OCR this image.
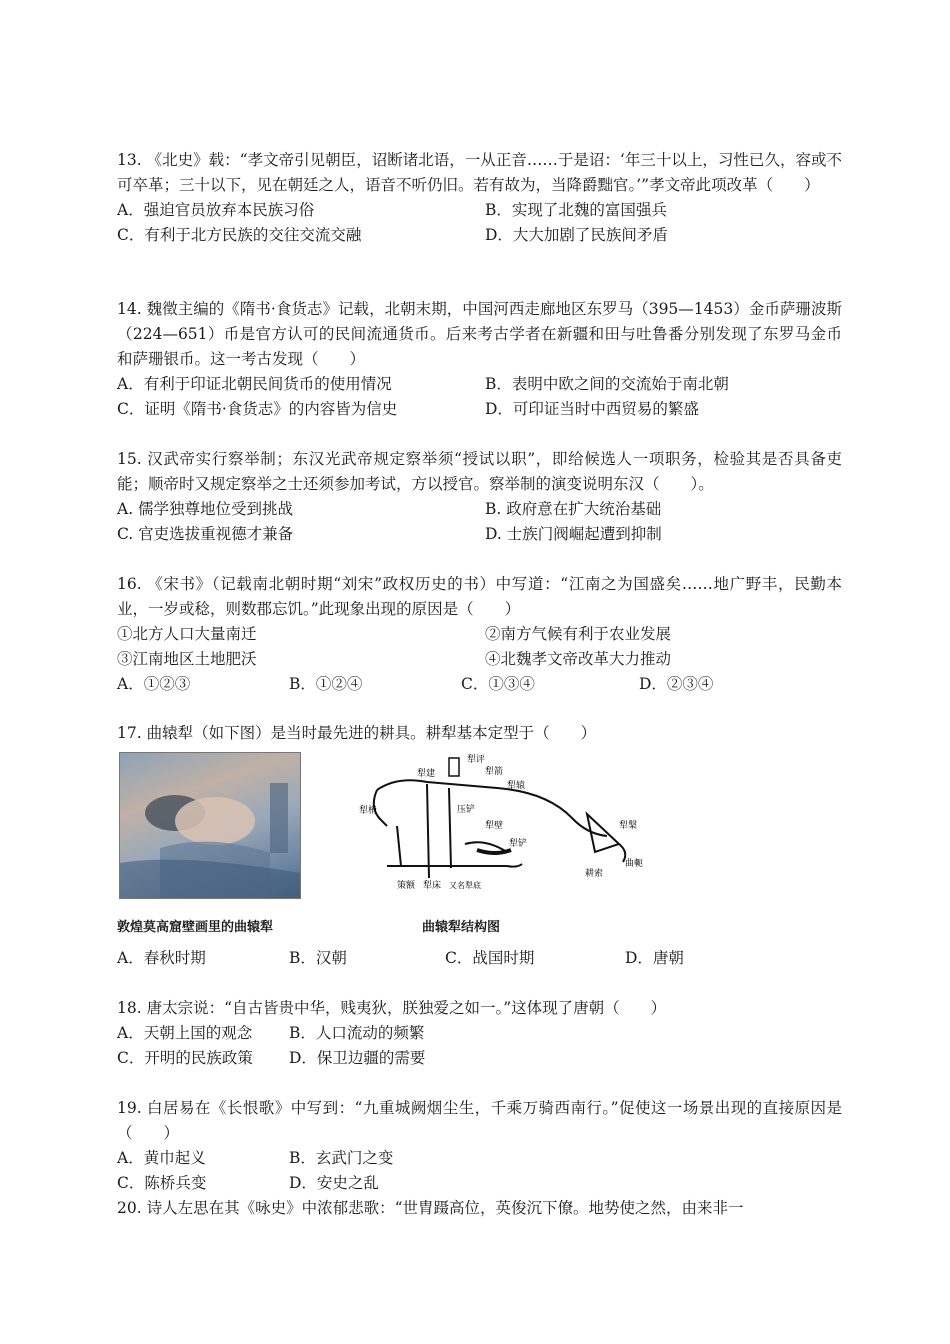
13. 《北史》载：“孝文帝引见朝臣，诏断诸北语，一从正音……于是诏：‘年三十以上，习性已久，容或不可卒革；三十以下，见在朝廷之人，语音不听仍旧。若有故为，当降爵黜官。’”孝文帝此项改革（　　）
A．强迫官员放弃本民族习俗	B．实现了北魏的富国强兵
C．有利于北方民族的交往交流交融	D．大大加剧了民族间矛盾
14. 魏徵主编的《隋书·食货志》记载，北朝末期，中国河西走廊地区东罗马（395—1453）金币萨珊波斯（224—651）币是官方认可的民间流通货币。后来考古学者在新疆和田与吐鲁番分别发现了东罗马金币和萨珊银币。这一考古发现（　　）
A．有利于印证北朝民间货币的使用情况	B．表明中欧之间的交流始于南北朝
C．证明《隋书·食货志》的内容皆为信史	D．可印证当时中西贸易的繁盛
15. 汉武帝实行察举制；东汉光武帝规定察举须“授试以职”，即给候选人一项职务，检验其是否具备吏能；顺帝时又规定察举之士还须参加考试，方以授官。察举制的演变说明东汉（　　）。
A. 儒学独尊地位受到挑战	B. 政府意在扩大统治基础
C. 官吏选拔重视德才兼备	D. 士族门阀崛起遭到抑制
16. 《宋书》（记载南北朝时期“刘宋”政权历史的书）中写道：“江南之为国盛矣……地广野丰，民勤本业，一岁或稔，则数郡忘饥。”此现象出现的原因是（　　）
①北方人口大量南迁	②南方气候有利于农业发展
③江南地区土地肥沃	④北魏孝文帝改革大力推动
A．①②③	B．①②④	C．①③④	D．②③④
17. 曲辕犁（如下图）是当时最先进的耕具。耕犁基本定型于（　　）
敦煌莫高窟壁画里的曲辕犁
犁评
犁建	犁箭
犁辕
犁梢	压铲
犁壁
犁铲
犁槃
曲軛
策额 犁床 又名犁底
耕索
曲辕犁结构图
A．春秋时期	B．汉朝	C．战国时期	D．唐朝
18. 唐太宗说：“自古皆贵中华，贱夷狄，朕独爱之如一。”这体现了唐朝（　　）
A．天朝上国的观念	B．人口流动的频繁
C．开明的民族政策	D．保卫边疆的需要
19. 白居易在《长恨歌》中写到：“九重城阙烟尘生，千乘万骑西南行。”促使这一场景出现的直接原因是（　　）
A．黄巾起义	B．玄武门之变
C．陈桥兵变	D．安史之乱
20. 诗人左思在其《咏史》中浓郁悲歌：“世胄蹑高位，英俊沉下僚。地势使之然，由来非一
